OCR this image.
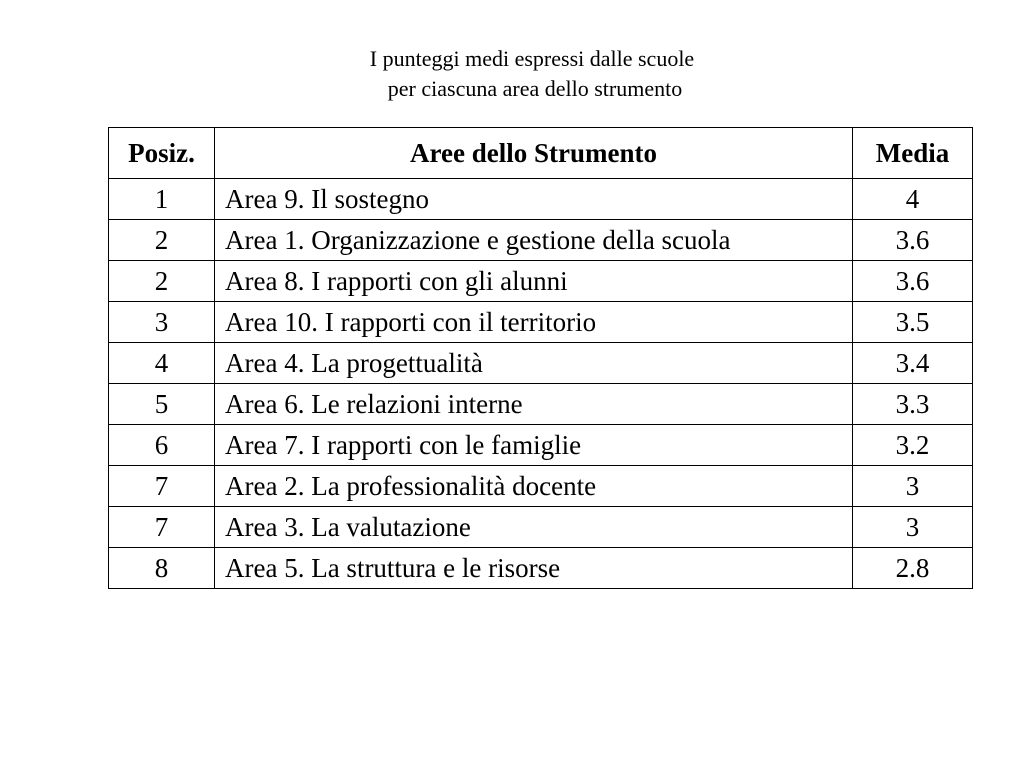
I punteggi medi espressi dalle scuole
per ciascuna area dello strumento
Posiz.	Aree dello Strumento	Media
1	Area 9. Il sostegno	4
2	Area 1. Organizzazione e gestione della scuola	3.6
2	Area 8. I rapporti con gli alunni	3.6
3	Area 10. I rapporti con il territorio	3.5
4	Area 4. La progettualità	3.4
5	Area 6. Le relazioni interne	3.3
6	Area 7. I rapporti con le famiglie	3.2
7	Area 2. La professionalità docente	3
7	Area 3. La valutazione	3
8	Area 5. La struttura e le risorse	2.8
